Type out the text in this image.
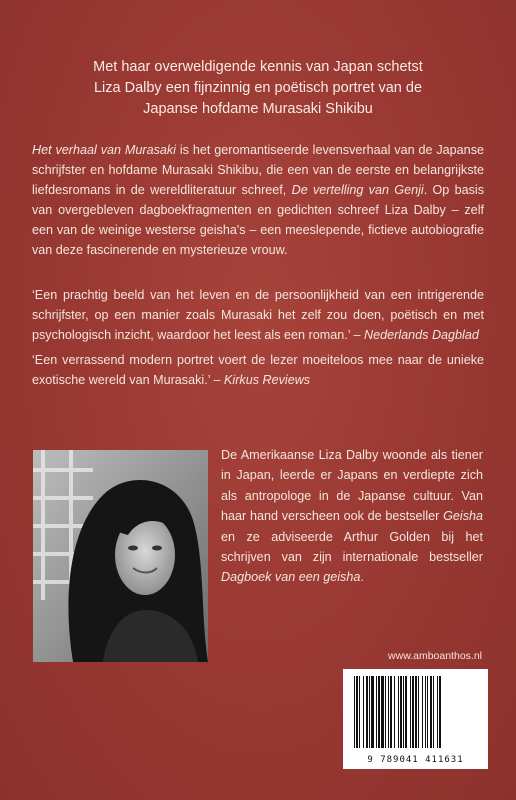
Met haar overweldigende kennis van Japan schetst
Liza Dalby een fijnzinnig en poëtisch portret van de
Japanse hofdame Murasaki Shikibu
Het verhaal van Murasaki is het geromantiseerde levensverhaal van de Japanse schrijfster en hofdame Murasaki Shikibu, die een van de eerste en belangrijkste liefdesromans in de wereldliteratuur schreef, De vertelling van Genji. Op basis van overgebleven dagboekfragmenten en gedichten schreef Liza Dalby – zelf een van de weinige westerse geisha's – een meeslepende, fictieve autobiografie van deze fascinerende en mysterieuze vrouw.
‘Een prachtig beeld van het leven en de persoonlijkheid van een intrigerende schrijfster, op een manier zoals Murasaki het zelf zou doen, poëtisch en met psychologisch inzicht, waardoor het leest als een roman.’ – Nederlands Dagblad
‘Een verrassend modern portret voert de lezer moeiteloos mee naar de unieke exotische wereld van Murasaki.’ – Kirkus Reviews
De Amerikaanse Liza Dalby woonde als tiener in Japan, leerde er Japans en verdiepte zich als antropologe in de Japanse cultuur. Van haar hand verscheen ook de bestseller Geisha en ze adviseerde Arthur Golden bij het schrijven van zijn internationale bestseller Dagboek van een geisha.
www.amboanthos.nl
9 789041 411631
